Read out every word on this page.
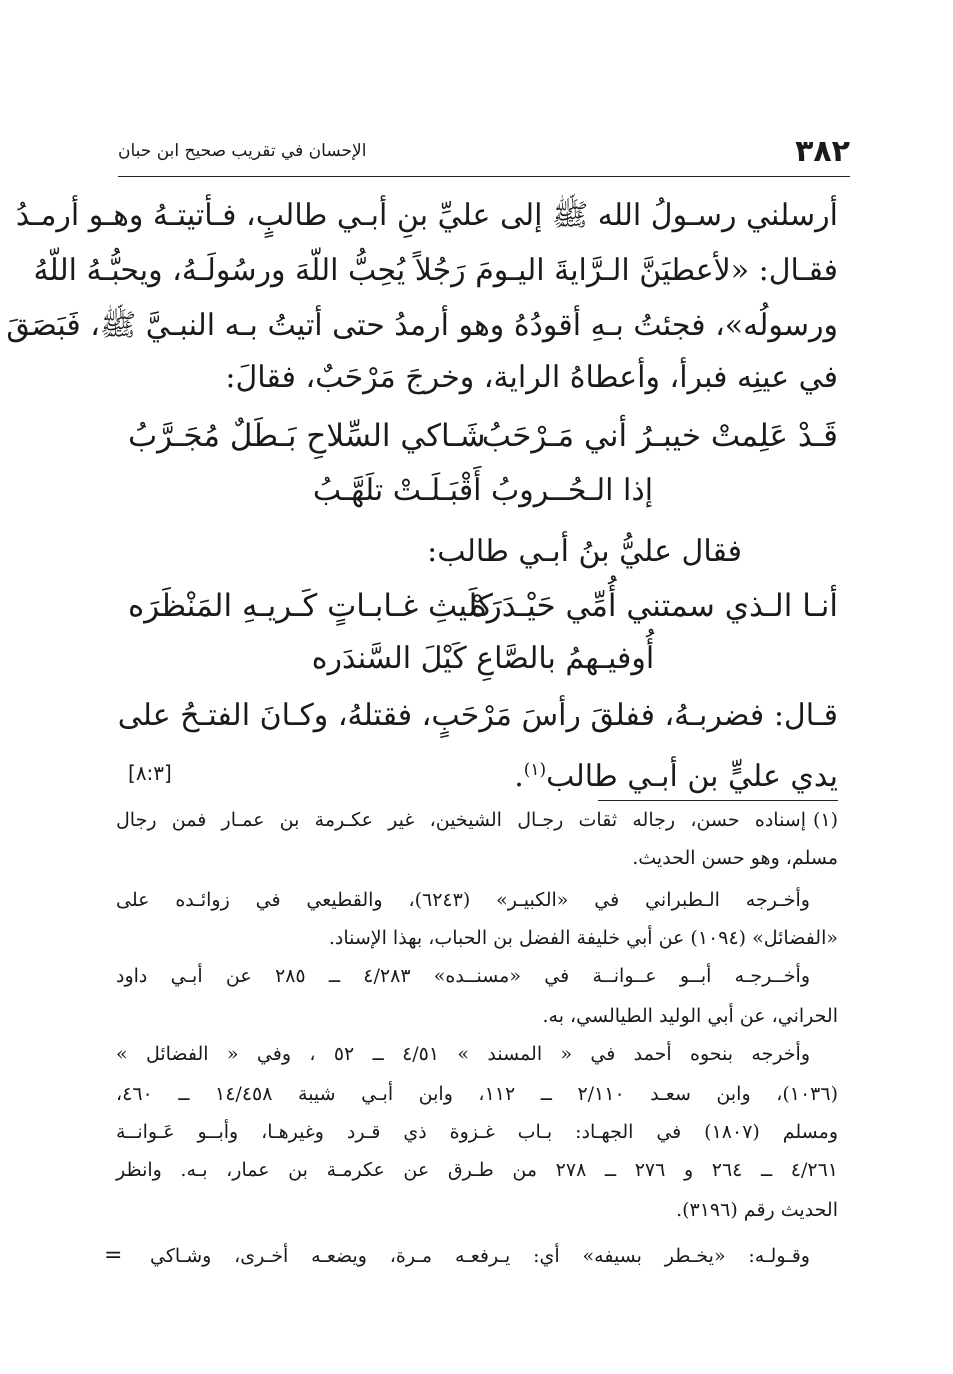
٣٨٢
الإحسان في تقريب صحيح ابن حبان
أرسلني رسـولُ الله ﷺ إلى عليِّ بنِ أبـي طالبٍ، فـأتيتـهُ وهـو أرمـدُ
فقـال: «لأعطيَنَّ الـرَّايةَ اليـومَ رَجُلاً يُحِبُّ اللّهَ ورسُولَـهُ، ويحبُّـهُ اللّهُ
ورسولُه»، فجئتُ بـهِ أقودُهُ وهو أرمدُ حتى أتيتُ بـه النبـيَّ ﷺ، فَبَصَقَ
في عينِه فبرأ، وأعطاهُ الراية، وخرجَ مَرْحَبٌ، فقالَ:
قَـدْ عَلِمتْ خيبـرُ أني مَـرْحَبُ
شَـاكي السِّلاحِ بَـطَلٌ مُجَـرَّبُ
إذا الـحُــروبُ أَقْبَـلَـتْ تلَهَّـبُ
فقال عليُّ بنُ أبـي طالب:
أنـا الـذي سمتني أُمِّي حَيْـدَرَهْ
كلَيثِ غـابـاتٍ كَـريـهِ المَنْظَرَه
أُوفيـهمُ بالصَّاعِ كَيْلَ السَّندَره
قـال: فضربـهُ، ففلقَ رأسَ مَرْحَبٍ، فقتلهُ، وكـانَ الفتـحُ على
يدي عليٍّ بن أبـي طالب$^{(١)}$.
[٨:٣]
(١)
إسناده حسن، رجاله ثقات رجـال الشيخين، غير عكـرمة بن عمـار فمن رجال
مسلم، وهو حسن الحديث.
وأخـرجه الـطبراني في «الكبيـر» (٦٢٤٣)، والقطيعي في زوائـده على
«الفضائل» (١٠٩٤) عن أبي خليفة الفضل بن الحباب، بهذا الإسناد.
وأخــرجـه أبــو عــوانــة في «مسنــده» ٤/٢٨٣ ــ ٢٨٥ عن أبـي داود
الحراني، عن أبي الوليد الطيالسي، به.
وأخرجه بنحوه أحمد في « المسند » ٤/٥١ ــ ٥٢ ، وفي « الفضائل »
(١٠٣٦)، وابن سعـد ٢/١١٠ ــ ١١٢، وابن أبـي شيبة ١٤/٤٥٨ ــ ٤٦٠،
ومسلم (١٨٠٧) في الجهـاد: بـاب غـزوة ذي قـرد وغيرهـا، وأبــو عَـوانــة
٤/٢٦١ ــ ٢٦٤ و ٢٧٦ ــ ٢٧٨ من طـرق عن عكرمـة بن عمار، بـه. وانظر
الحديث رقم (٣١٩٦).
وقـولـه: «يخـطر بسيفه» أي: يـرفعـه مـرة، ويضعـه أخـرى، وشـاكي
=
